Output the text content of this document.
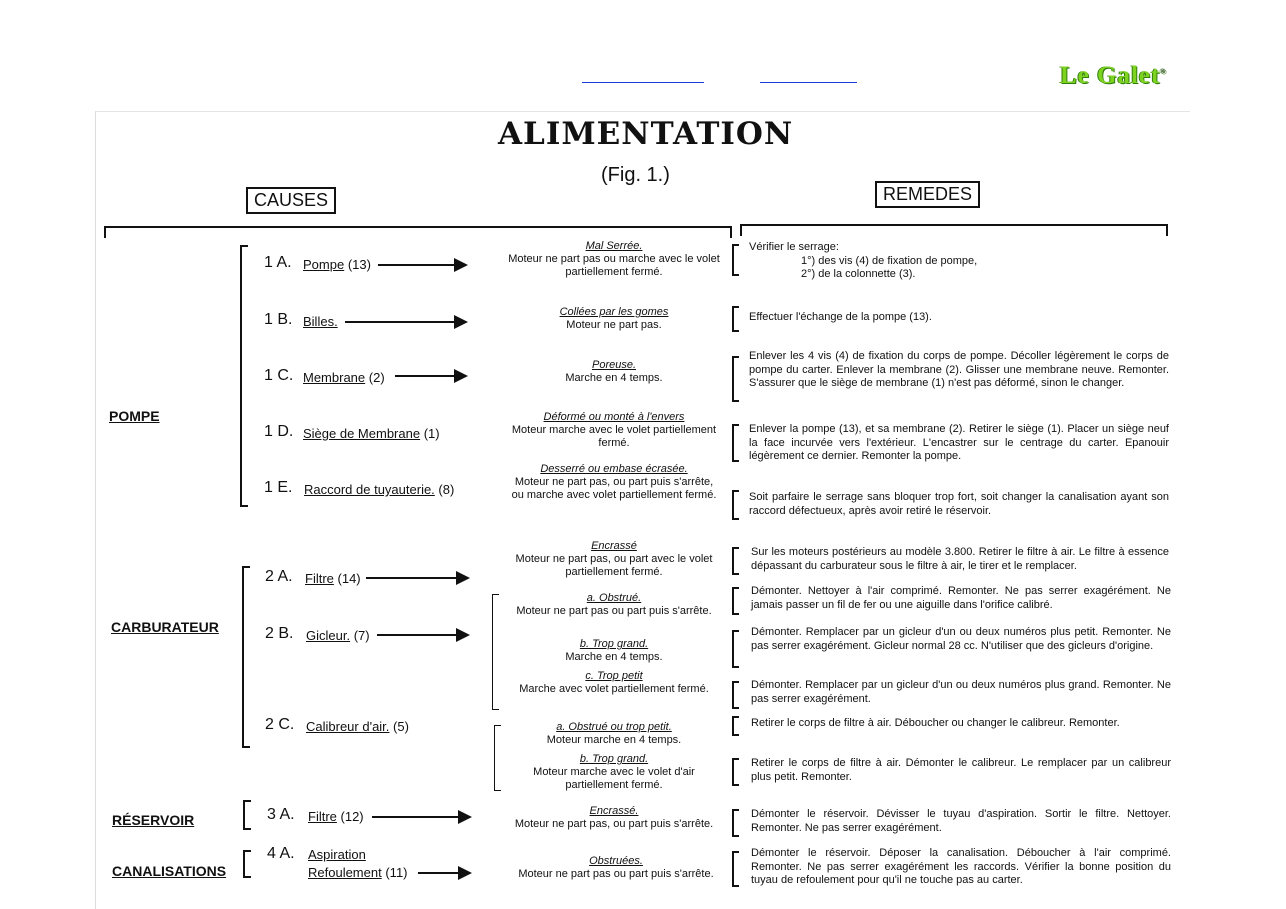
Le Galet®
ALIMENTATION
(Fig. 1.)
CAUSES	REMEDES
POMPE
CARBURATEUR
RÉSERVOIR
CANALISATIONS
1 A. Pompe (13)
1 B. Billes.
1 C. Membrane (2)
1 D. Siège de Membrane (1)
1 E. Raccord de tuyauterie. (8)
2 A. Filtre (14)
2 B. Gicleur. (7)
2 C. Calibreur d'air. (5)
3 A. Filtre (12)
4 A. Aspiration
Refoulement (11)
Mal Serrée.
Moteur ne part pas ou marche avec le volet partiellement fermé.
Collées par les gomes
Moteur ne part pas.
Poreuse.
Marche en 4 temps.
Déformé ou monté à l'envers
Moteur marche avec le volet partiellement fermé.
Desserré ou embase écrasée.
Moteur ne part pas, ou part puis s'arrête, ou marche avec volet partiellement fermé.
Encrassé
Moteur ne part pas, ou part avec le volet partiellement fermé.
a. Obstrué.
Moteur ne part pas ou part puis s'arrête.
b. Trop grand.
Marche en 4 temps.
c. Trop petit
Marche avec volet partiellement fermé.
a. Obstrué ou trop petit.
Moteur marche en 4 temps.
b. Trop grand.
Moteur marche avec le volet d'air partiellement fermé.
Encrassé.
Moteur ne part pas, ou part puis s'arrête.
Obstruées.
Moteur ne part pas ou part puis s'arrête.
Vérifier le serrage:
1°) des vis (4) de fixation de pompe,
2°) de la colonnette (3).
Effectuer l'échange de la pompe (13).
Enlever les 4 vis (4) de fixation du corps de pompe. Décoller légèrement le corps de pompe du carter. Enlever la membrane (2). Glisser une membrane neuve. Remonter. S'assurer que le siège de membrane (1) n'est pas déformé, sinon le changer.
Enlever la pompe (13), et sa membrane (2). Retirer le siège (1). Placer un siège neuf la face incurvée vers l'extérieur. L'encastrer sur le centrage du carter. Epanouir légèrement ce dernier. Remonter la pompe.
Soit parfaire le serrage sans bloquer trop fort, soit changer la canalisation ayant son raccord défectueux, après avoir retiré le réservoir.
Sur les moteurs postérieurs au modèle 3.800. Retirer le filtre à air. Le filtre à essence dépassant du carburateur sous le filtre à air, le tirer et le remplacer.
Démonter. Nettoyer à l'air comprimé. Remonter. Ne pas serrer exagérément. Ne jamais passer un fil de fer ou une aiguille dans l'orifice calibré.
Démonter. Remplacer par un gicleur d'un ou deux numéros plus petit. Remonter. Ne pas serrer exagérément. Gicleur normal 28 cc. N'utiliser que des gicleurs d'origine.
Démonter. Remplacer par un gicleur d'un ou deux numéros plus grand. Remonter. Ne pas serrer exagérément.
Retirer le corps de filtre à air. Déboucher ou changer le calibreur. Remonter.
Retirer le corps de filtre à air. Démonter le calibreur. Le remplacer par un calibreur plus petit. Remonter.
Démonter le réservoir. Dévisser le tuyau d'aspiration. Sortir le filtre. Nettoyer. Remonter. Ne pas serrer exagérément.
Démonter le réservoir. Déposer la canalisation. Déboucher à l'air comprimé. Remonter. Ne pas serrer exagérément les raccords. Vérifier la bonne position du tuyau de refoulement pour qu'il ne touche pas au carter.
